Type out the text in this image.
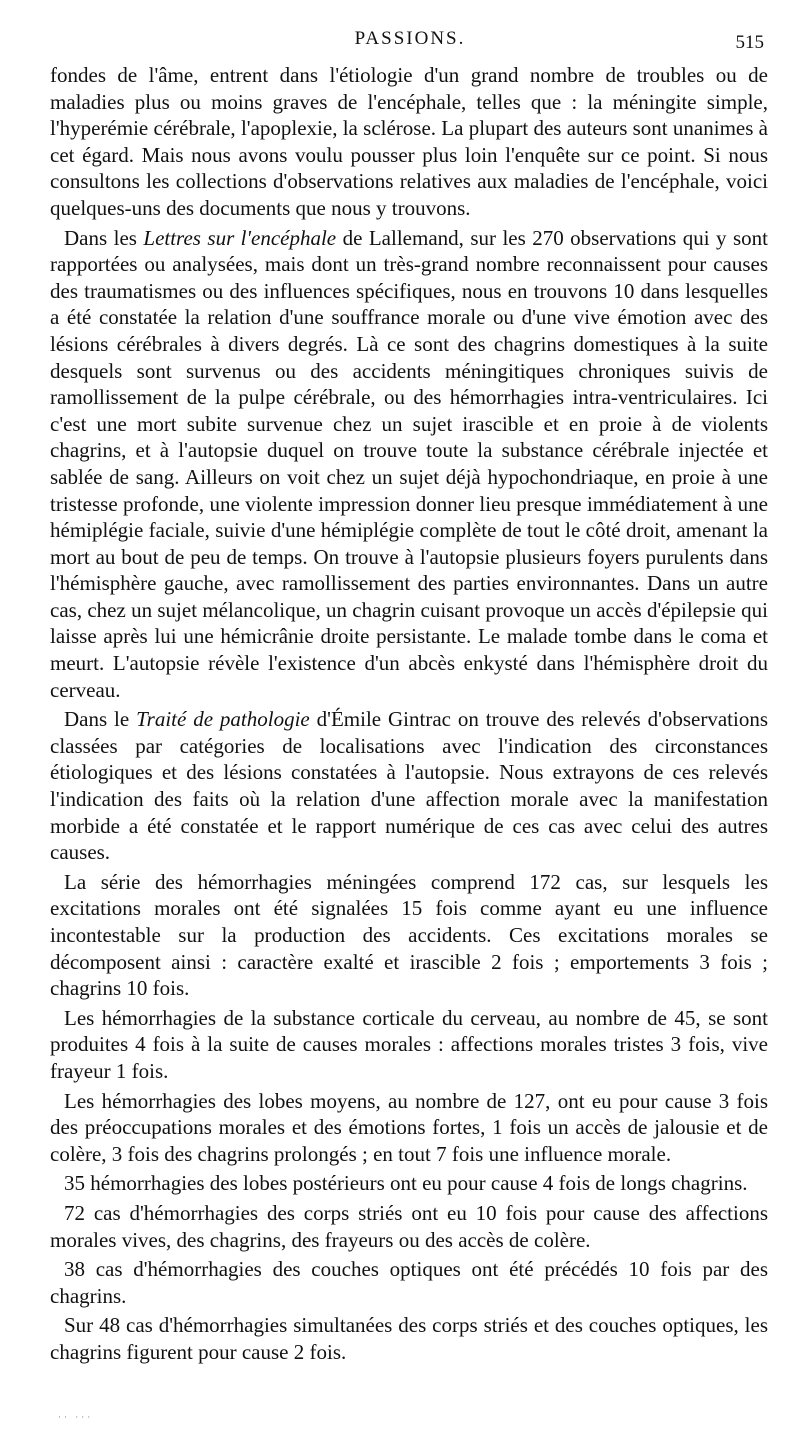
PASSIONS.	515

fondes de l'âme, entrent dans l'étiologie d'un grand nombre de troubles ou de maladies plus ou moins graves de l'encéphale, telles que : la méningite simple, l'hyperémie cérébrale, l'apoplexie, la sclérose. La plupart des auteurs sont unanimes à cet égard. Mais nous avons voulu pousser plus loin l'enquête sur ce point. Si nous consultons les collections d'observations relatives aux maladies de l'encéphale, voici quelques-uns des documents que nous y trouvons.

Dans les Lettres sur l'encéphale de Lallemand, sur les 270 observations qui y sont rapportées ou analysées, mais dont un très-grand nombre reconnaissent pour causes des traumatismes ou des influences spécifiques, nous en trouvons 10 dans lesquelles a été constatée la relation d'une souffrance morale ou d'une vive émotion avec des lésions cérébrales à divers degrés. Là ce sont des chagrins domestiques à la suite desquels sont survenus ou des accidents méningitiques chroniques suivis de ramollissement de la pulpe cérébrale, ou des hémorrhagies intra-ventriculaires. Ici c'est une mort subite survenue chez un sujet irascible et en proie à de violents chagrins, et à l'autopsie duquel on trouve toute la substance cérébrale injectée et sablée de sang. Ailleurs on voit chez un sujet déjà hypochondriaque, en proie à une tristesse profonde, une violente impression donner lieu presque immédiatement à une hémiplégie faciale, suivie d'une hémiplégie complète de tout le côté droit, amenant la mort au bout de peu de temps. On trouve à l'autopsie plusieurs foyers purulents dans l'hémisphère gauche, avec ramollissement des parties environnantes. Dans un autre cas, chez un sujet mélancolique, un chagrin cuisant provoque un accès d'épilepsie qui laisse après lui une hémicrânie droite persistante. Le malade tombe dans le coma et meurt. L'autopsie révèle l'existence d'un abcès enkysté dans l'hémisphère droit du cerveau.

Dans le Traité de pathologie d'Émile Gintrac on trouve des relevés d'observations classées par catégories de localisations avec l'indication des circonstances étiologiques et des lésions constatées à l'autopsie. Nous extrayons de ces relevés l'indication des faits où la relation d'une affection morale avec la manifestation morbide a été constatée et le rapport numérique de ces cas avec celui des autres causes.

La série des hémorrhagies méningées comprend 172 cas, sur lesquels les excitations morales ont été signalées 15 fois comme ayant eu une influence incontestable sur la production des accidents. Ces excitations morales se décomposent ainsi : caractère exalté et irascible 2 fois ; emportements 3 fois ; chagrins 10 fois.

Les hémorrhagies de la substance corticale du cerveau, au nombre de 45, se sont produites 4 fois à la suite de causes morales : affections morales tristes 3 fois, vive frayeur 1 fois.

Les hémorrhagies des lobes moyens, au nombre de 127, ont eu pour cause 3 fois des préoccupations morales et des émotions fortes, 1 fois un accès de jalousie et de colère, 3 fois des chagrins prolongés ; en tout 7 fois une influence morale.

35 hémorrhagies des lobes postérieurs ont eu pour cause 4 fois de longs chagrins.

72 cas d'hémorrhagies des corps striés ont eu 10 fois pour cause des affections morales vives, des chagrins, des frayeurs ou des accès de colère.

38 cas d'hémorrhagies des couches optiques ont été précédés 10 fois par des chagrins.

Sur 48 cas d'hémorrhagies simultanées des corps striés et des couches optiques, les chagrins figurent pour cause 2 fois.

·· ···
